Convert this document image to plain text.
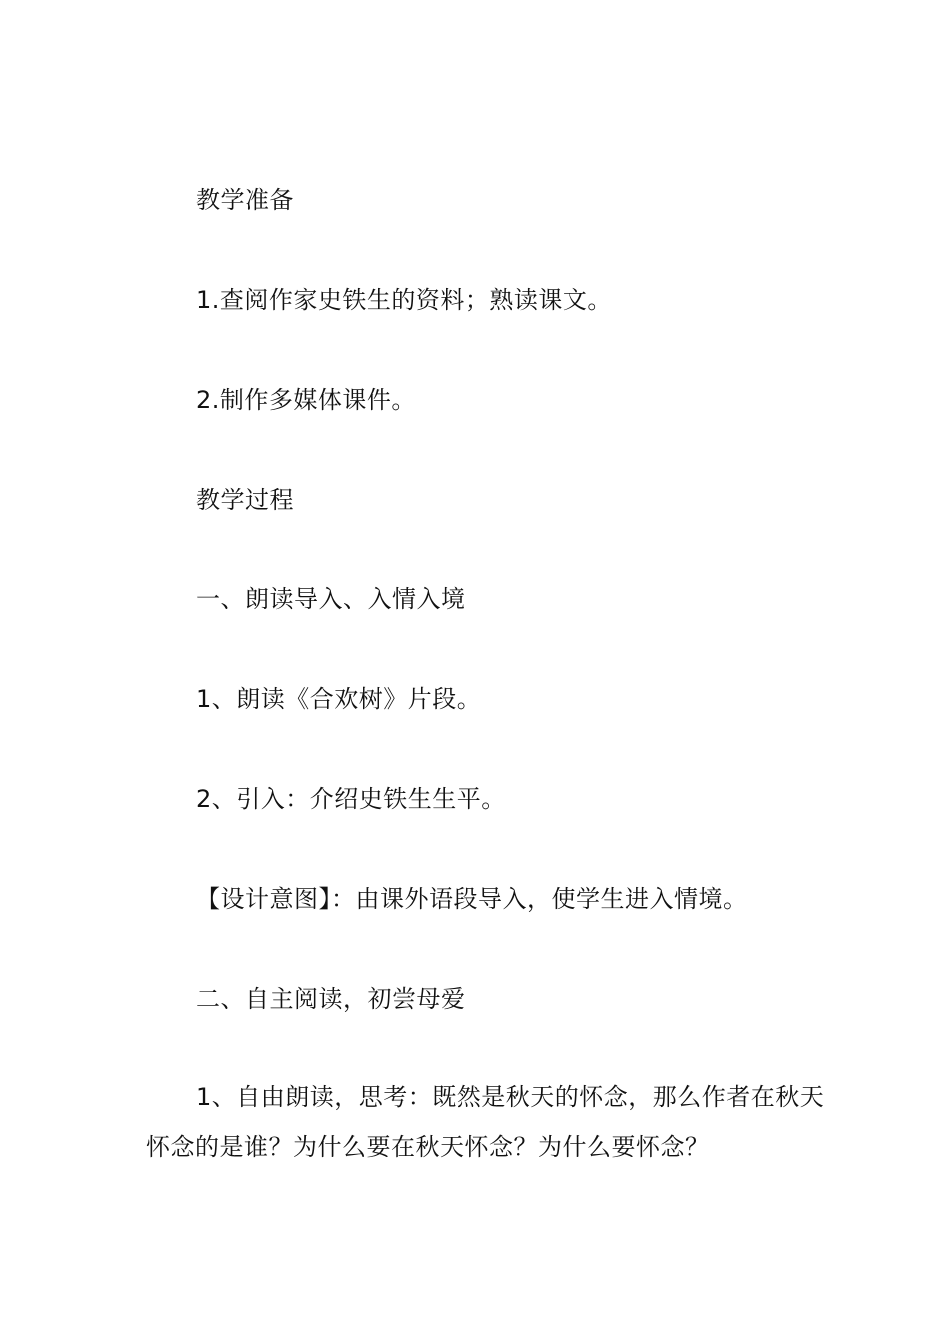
教学准备
1.查阅作家史铁生的资料；熟读课文。
2.制作多媒体课件。
教学过程
一、朗读导入、入情入境
1、朗读《合欢树》片段。
2、引入：介绍史铁生生平。
【设计意图】：由课外语段导入，使学生进入情境。
二、自主阅读，初尝母爱
1、自由朗读，思考：既然是秋天的怀念，那么作者在秋天怀念的是谁？为什么要在秋天怀念？为什么要怀念？
